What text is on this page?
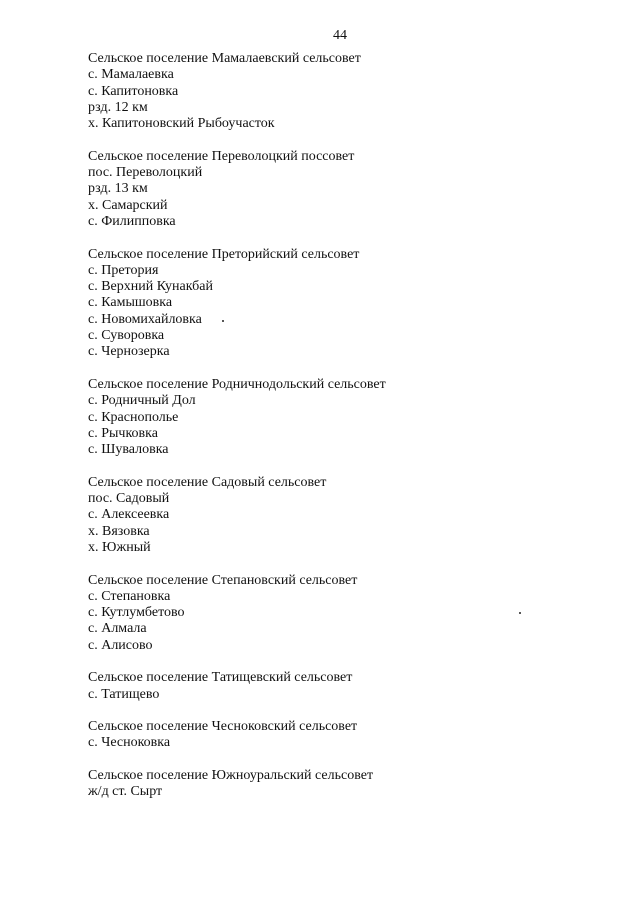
44
Сельское поселение Мамалаевский сельсовет
с. Мамалаевка
с. Капитоновка
рзд. 12 км
х. Капитоновский Рыбоучасток
Сельское поселение Переволоцкий поссовет
пос. Переволоцкий
рзд. 13 км
х. Самарский
с. Филипповка
Сельское поселение Преторийский сельсовет
с. Претория
с. Верхний Кунакбай
с. Камышовка
с. Новомихайловка
с. Суворовка
с. Чернозерка
Сельское поселение Родничнодольский сельсовет
с. Родничный Дол
с. Краснополье
с. Рычковка
с. Шуваловка
Сельское поселение Садовый сельсовет
пос. Садовый
с. Алексеевка
х. Вязовка
х. Южный
Сельское поселение Степановский сельсовет
с. Степановка
с. Кутлумбетово
с. Алмала
с. Алисово
Сельское поселение Татищевский сельсовет
с. Татищево
Сельское поселение Чесноковский сельсовет
с. Чесноковка
Сельское поселение Южноуральский сельсовет
ж/д ст. Сырт
